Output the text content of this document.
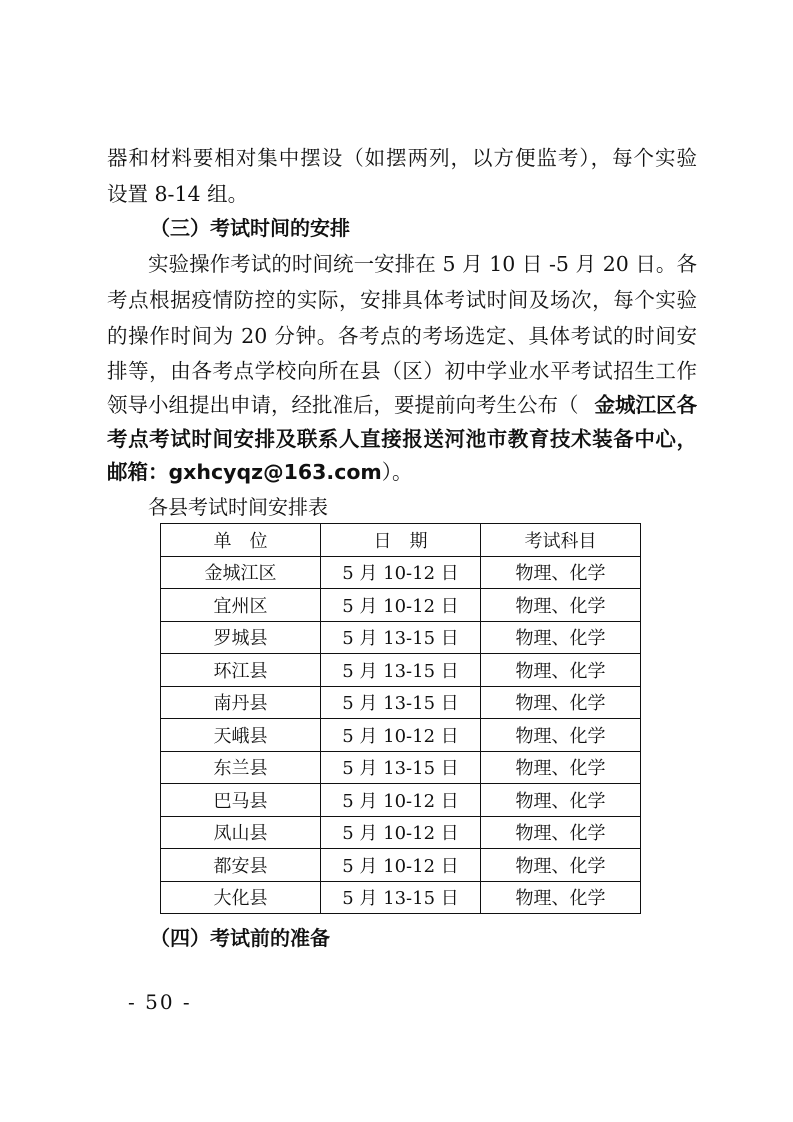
器和材料要相对集中摆设（如摆两列，以方便监考），每个实验
设置 8-14 组。
（三）考试时间的安排
实验操作考试的时间统一安排在 5 月 10 日 -5 月 20 日。各
考点根据疫情防控的实际，安排具体考试时间及场次，每个实验
的操作时间为 20 分钟。各考点的考场选定、具体考试的时间安
排等，由各考点学校向所在县（区）初中学业水平考试招生工作
领导小组提出申请，经批准后，要提前向考生公布（ 金城江区各
考点考试时间安排及联系人直接报送河池市教育技术装备中心，
邮箱：gxhcyqz@163.com）。
各县考试时间安排表
单　位	日　期	考试科目
金城江区	5 月 10-12 日	物理、化学
宜州区	5 月 10-12 日	物理、化学
罗城县	5 月 13-15 日	物理、化学
环江县	5 月 13-15 日	物理、化学
南丹县	5 月 13-15 日	物理、化学
天峨县	5 月 10-12 日	物理、化学
东兰县	5 月 13-15 日	物理、化学
巴马县	5 月 10-12 日	物理、化学
凤山县	5 月 10-12 日	物理、化学
都安县	5 月 10-12 日	物理、化学
大化县	5 月 13-15 日	物理、化学
（四）考试前的准备
- 50 -
